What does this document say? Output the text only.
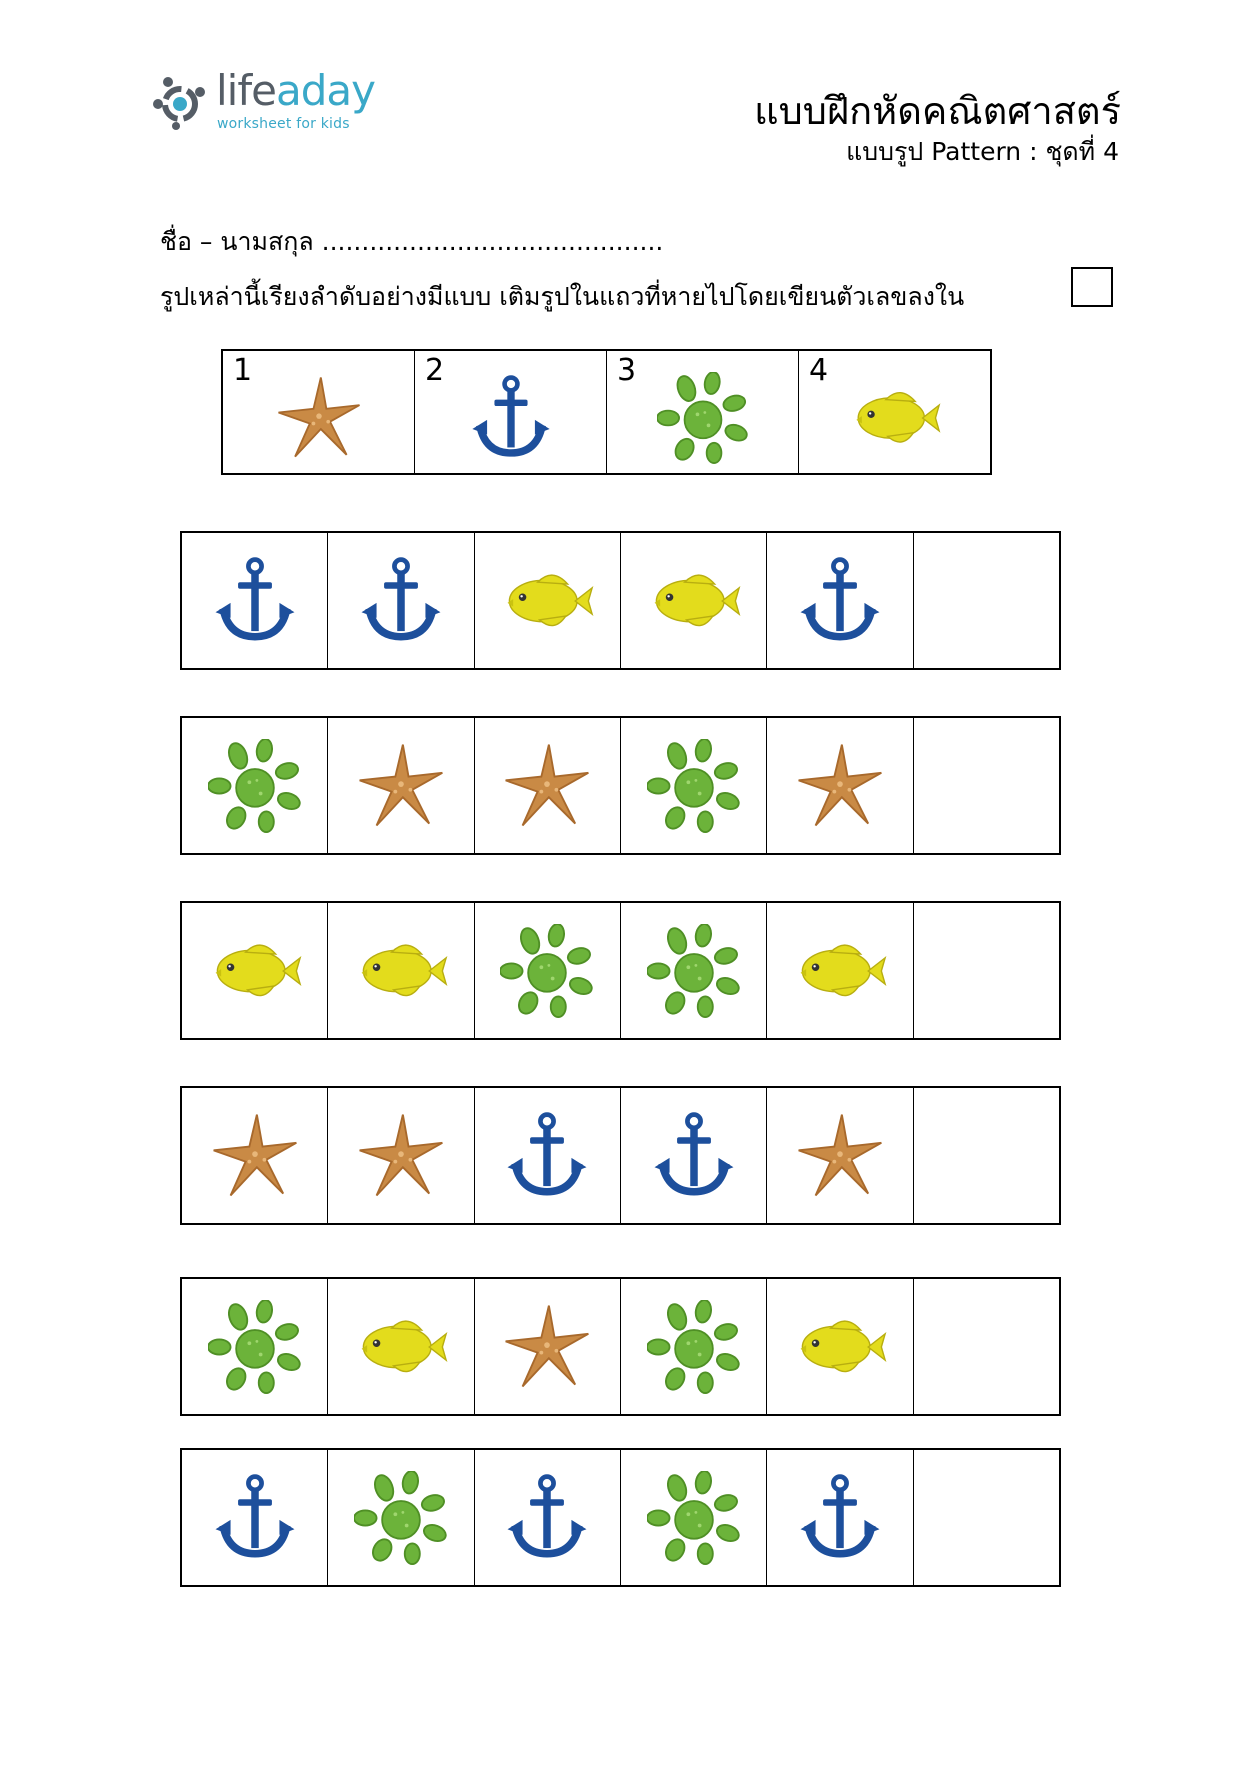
lifeaday
worksheet for kids	แบบฝึกหัดคณิตศาสตร์
แบบรูป Pattern : ชุดที่ 4
ชื่อ – นามสกุล ...........................................
รูปเหล่านี้เรียงลำดับอย่างมีแบบ เติมรูปในแถวที่หายไปโดยเขียนตัวเลขลงใน
1	2	3	4
